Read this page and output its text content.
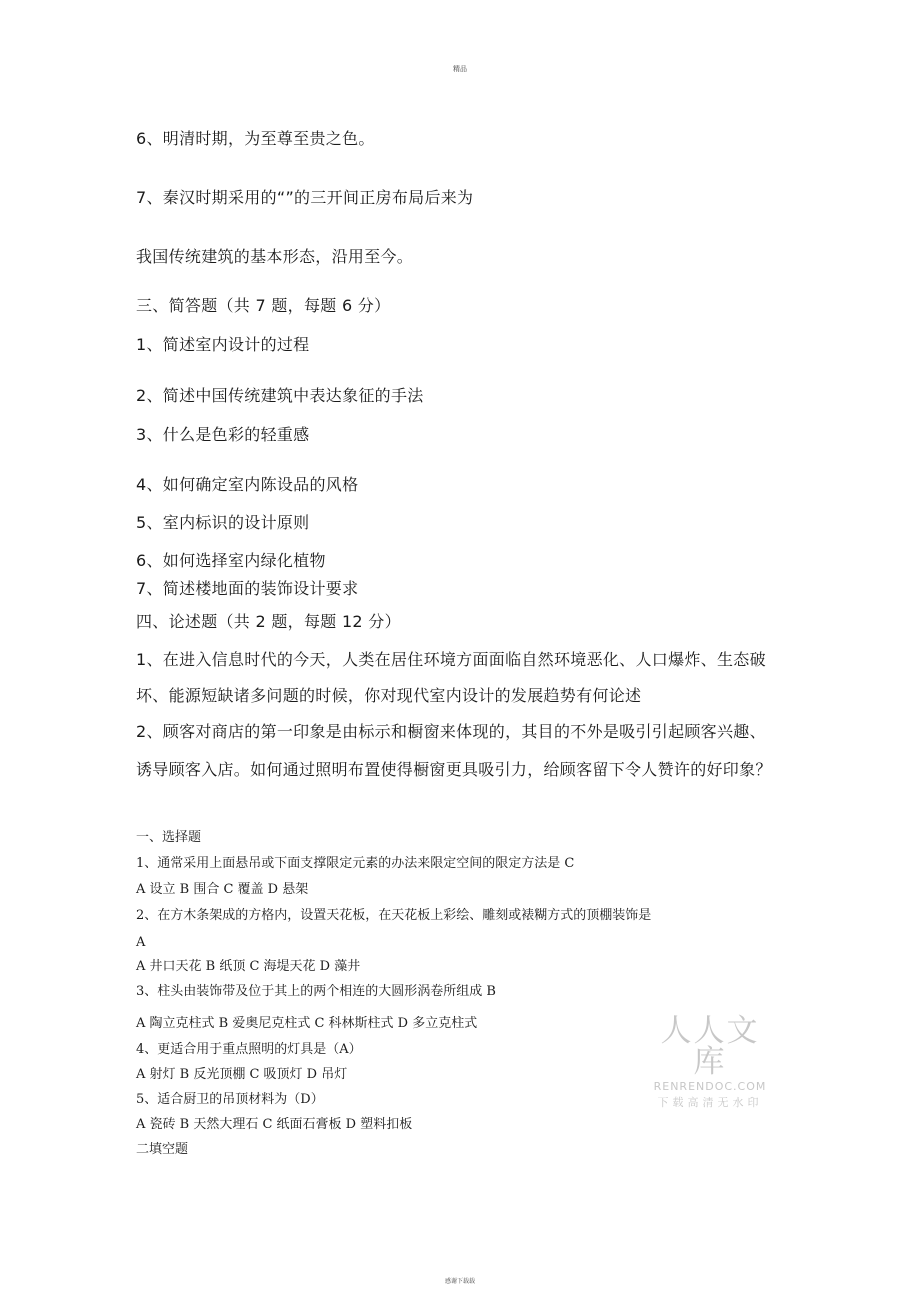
精品
6、明清时期，为至尊至贵之色。
7、秦汉时期采用的“”的三开间正房布局后来为
我国传统建筑的基本形态，沿用至今。
三、简答题（共 7 题，每题 6 分）
1、简述室内设计的过程
2、简述中国传统建筑中表达象征的手法
3、什么是色彩的轻重感
4、如何确定室内陈设品的风格
5、室内标识的设计原则
6、如何选择室内绿化植物
7、简述楼地面的装饰设计要求
四、论述题（共 2 题，每题 12 分）
1、在进入信息时代的今天，人类在居住环境方面面临自然环境恶化、人口爆炸、生态破
坏、能源短缺诸多问题的时候，你对现代室内设计的发展趋势有何论述
2、顾客对商店的第一印象是由标示和橱窗来体现的，其目的不外是吸引引起顾客兴趣、
诱导顾客入店。如何通过照明布置使得橱窗更具吸引力，给顾客留下令人赞许的好印象？
一、选择题
1、通常采用上面悬吊或下面支撑限定元素的办法来限定空间的限定方法是 C
A 设立 B 围合 C 覆盖 D 悬架
2、在方木条架成的方格内，设置天花板，在天花板上彩绘、雕刻或裱糊方式的顶棚装饰是
A
A 井口天花 B 纸顶 C 海堤天花 D 藻井
3、柱头由装饰带及位于其上的两个相连的大圆形涡卷所组成 B
A 陶立克柱式 B 爱奥尼克柱式 C 科林斯柱式 D 多立克柱式
4、更适合用于重点照明的灯具是（A）
A 射灯 B 反光顶棚 C 吸顶灯 D 吊灯
5、适合厨卫的吊顶材料为（D）
A 瓷砖 B 天然大理石 C 纸面石膏板 D 塑料扣板
二填空题
人人文库
RENRENDOC.COM
下载高清无水印
感谢下载载
